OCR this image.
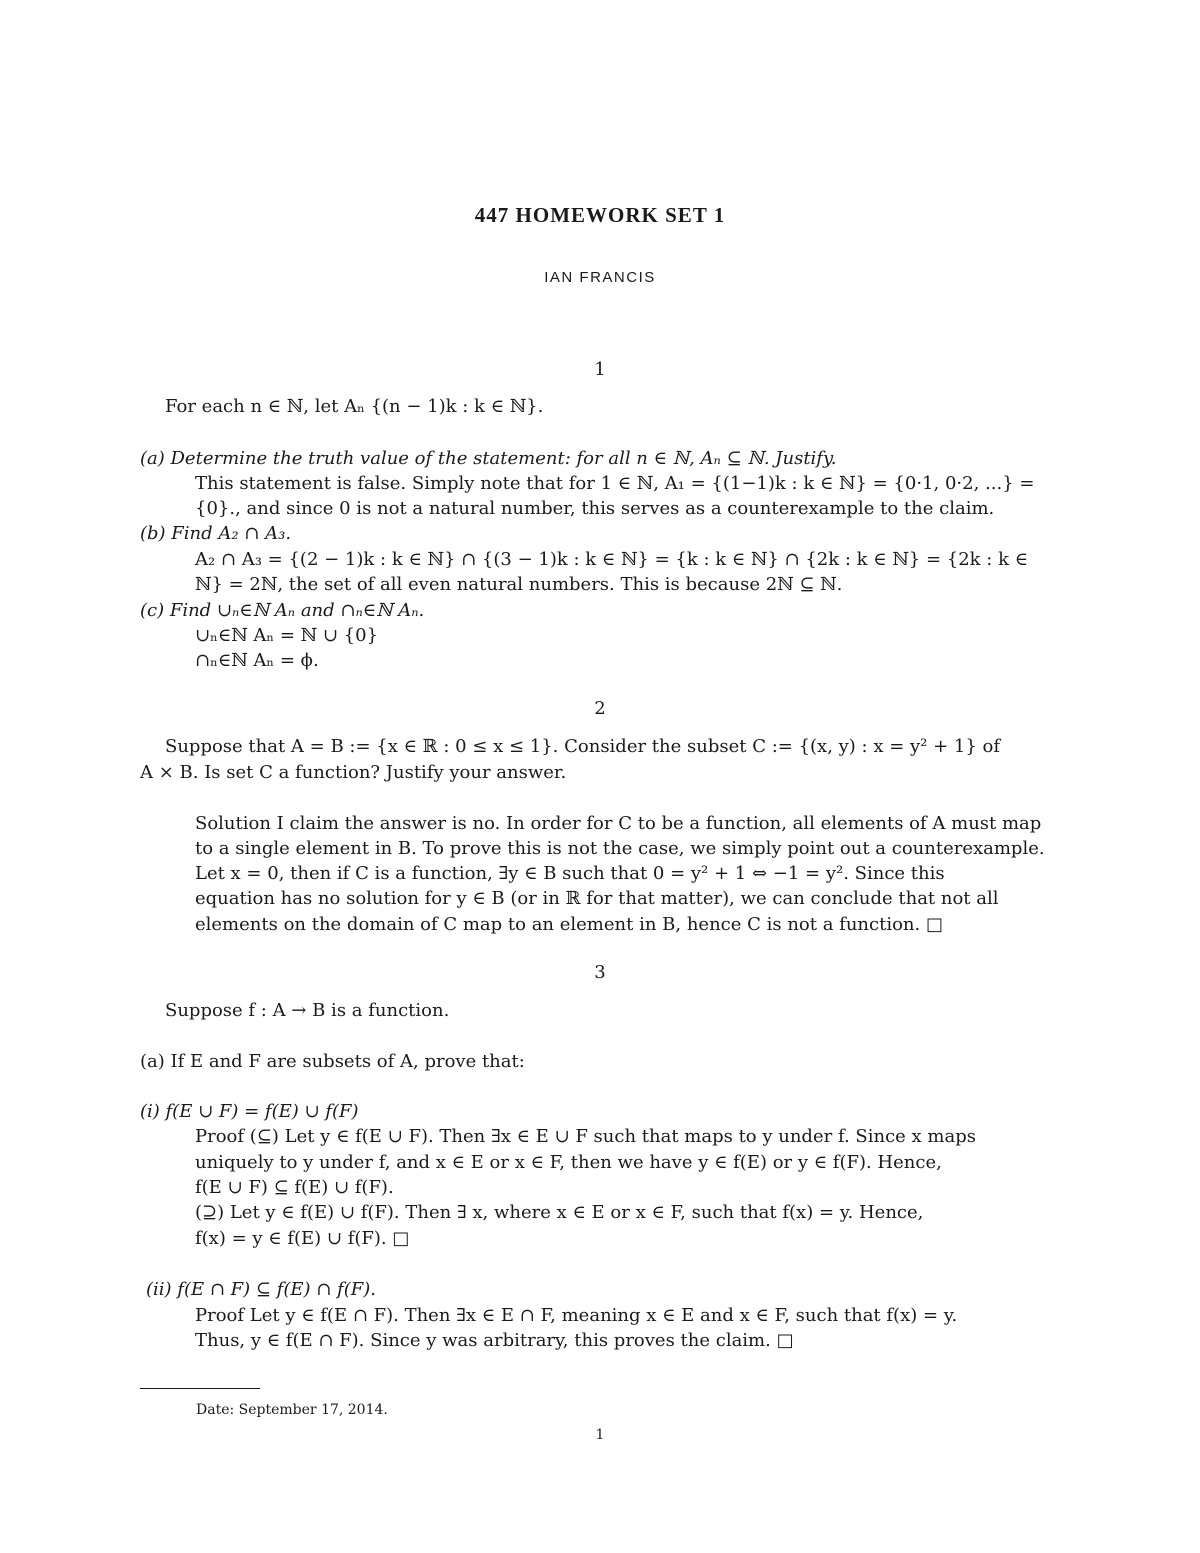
447 HOMEWORK SET 1
IAN FRANCIS
1
For each n ∈ ℕ, let Aₙ {(n − 1)k : k ∈ ℕ}.
(a) Determine the truth value of the statement: for all n ∈ ℕ, Aₙ ⊆ ℕ. Justify.
This statement is false. Simply note that for 1 ∈ ℕ, A₁ = {(1−1)k : k ∈ ℕ} = {0·1, 0·2, ...} =
{0}., and since 0 is not a natural number, this serves as a counterexample to the claim.
(b) Find A₂ ∩ A₃.
A₂ ∩ A₃ = {(2 − 1)k : k ∈ ℕ} ∩ {(3 − 1)k : k ∈ ℕ} = {k : k ∈ ℕ} ∩ {2k : k ∈ ℕ} = {2k : k ∈
ℕ} = 2ℕ, the set of all even natural numbers. This is because 2ℕ ⊆ ℕ.
(c) Find ∪ₙ∈ℕ Aₙ and ∩ₙ∈ℕ Aₙ.
∪ₙ∈ℕ Aₙ = ℕ ∪ {0}
∩ₙ∈ℕ Aₙ = ϕ.
2
Suppose that A = B := {x ∈ ℝ : 0 ≤ x ≤ 1}. Consider the subset C := {(x, y) : x = y² + 1} of
A × B. Is set C a function? Justify your answer.
Solution I claim the answer is no. In order for C to be a function, all elements of A must map
to a single element in B. To prove this is not the case, we simply point out a counterexample.
Let x = 0, then if C is a function, ∃y ∈ B such that 0 = y² + 1 ⇔ −1 = y². Since this
equation has no solution for y ∈ B (or in ℝ for that matter), we can conclude that not all
elements on the domain of C map to an element in B, hence C is not a function. □
3
Suppose f : A → B is a function.
(a) If E and F are subsets of A, prove that:
(i) f(E ∪ F) = f(E) ∪ f(F)
Proof (⊆) Let y ∈ f(E ∪ F). Then ∃x ∈ E ∪ F such that maps to y under f. Since x maps
uniquely to y under f, and x ∈ E or x ∈ F, then we have y ∈ f(E) or y ∈ f(F). Hence,
f(E ∪ F) ⊆ f(E) ∪ f(F).
(⊇) Let y ∈ f(E) ∪ f(F). Then ∃ x, where x ∈ E or x ∈ F, such that f(x) = y. Hence,
f(x) = y ∈ f(E) ∪ f(F). □
(ii) f(E ∩ F) ⊆ f(E) ∩ f(F).
Proof Let y ∈ f(E ∩ F). Then ∃x ∈ E ∩ F, meaning x ∈ E and x ∈ F, such that f(x) = y.
Thus, y ∈ f(E ∩ F). Since y was arbitrary, this proves the claim. □
Date: September 17, 2014.
1
